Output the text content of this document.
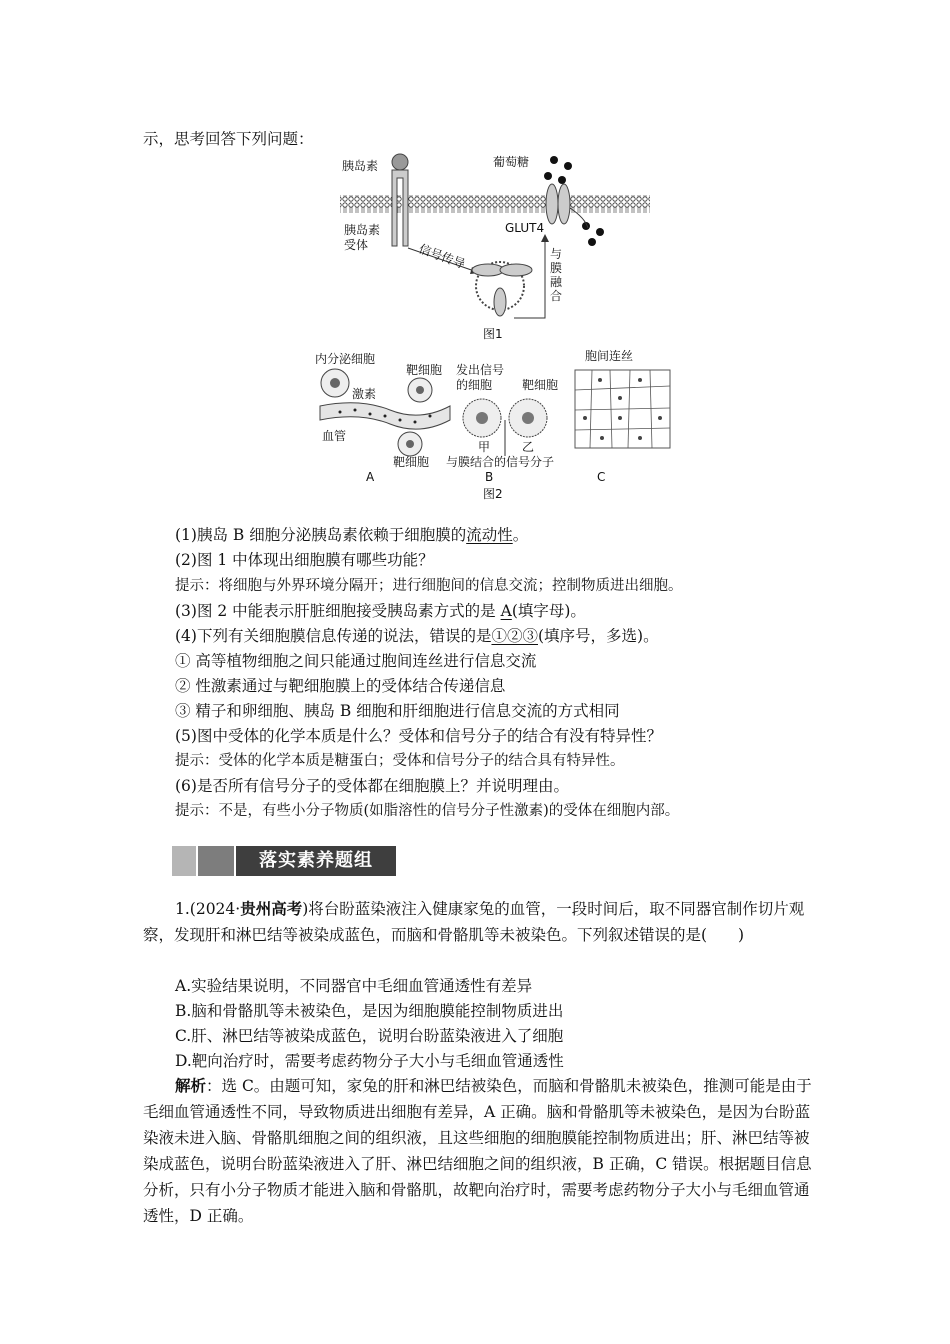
示，思考回答下列问题：
胰岛素
胰岛素
受体
葡萄糖
GLUT4
信号传导	与
膜
融
合
图1
内分泌细胞
激素
血管
靶细胞
靶细胞
A
发出信号
的细胞 靶细胞
甲	乙
与膜结合的信号分子
B
胞间连丝
C
图2
(1)胰岛 B 细胞分泌胰岛素依赖于细胞膜的流动性。
(2)图 1 中体现出细胞膜有哪些功能？
提示：将细胞与外界环境分隔开；进行细胞间的信息交流；控制物质进出细胞。
(3)图 2 中能表示肝脏细胞接受胰岛素方式的是 A(填字母)。
(4)下列有关细胞膜信息传递的说法，错误的是①②③(填序号，多选)。
① 高等植物细胞之间只能通过胞间连丝进行信息交流
② 性激素通过与靶细胞膜上的受体结合传递信息
③ 精子和卵细胞、胰岛 B 细胞和肝细胞进行信息交流的方式相同
(5)图中受体的化学本质是什么？受体和信号分子的结合有没有特异性？
提示：受体的化学本质是糖蛋白；受体和信号分子的结合具有特异性。
(6)是否所有信号分子的受体都在细胞膜上？并说明理由。
提示：不是，有些小分子物质(如脂溶性的信号分子性激素)的受体在细胞内部。
落实素养题组
1.(2024·贵州高考)将台盼蓝染液注入健康家兔的血管，一段时间后，取不同器官制作切片观察，发现肝和淋巴结等被染成蓝色，而脑和骨骼肌等未被染色。下列叙述错误的是(　　)
A.实验结果说明，不同器官中毛细血管通透性有差异
B.脑和骨骼肌等未被染色，是因为细胞膜能控制物质进出
C.肝、淋巴结等被染成蓝色，说明台盼蓝染液进入了细胞
D.靶向治疗时，需要考虑药物分子大小与毛细血管通透性
解析：选 C。由题可知，家兔的肝和淋巴结被染色，而脑和骨骼肌未被染色，推测可能是由于毛细血管通透性不同，导致物质进出细胞有差异，A 正确。脑和骨骼肌等未被染色，是因为台盼蓝染液未进入脑、骨骼肌细胞之间的组织液，且这些细胞的细胞膜能控制物质进出；肝、淋巴结等被染成蓝色，说明台盼蓝染液进入了肝、淋巴结细胞之间的组织液，B 正确，C 错误。根据题目信息分析，只有小分子物质才能进入脑和骨骼肌，故靶向治疗时，需要考虑药物分子大小与毛细血管通透性，D 正确。
